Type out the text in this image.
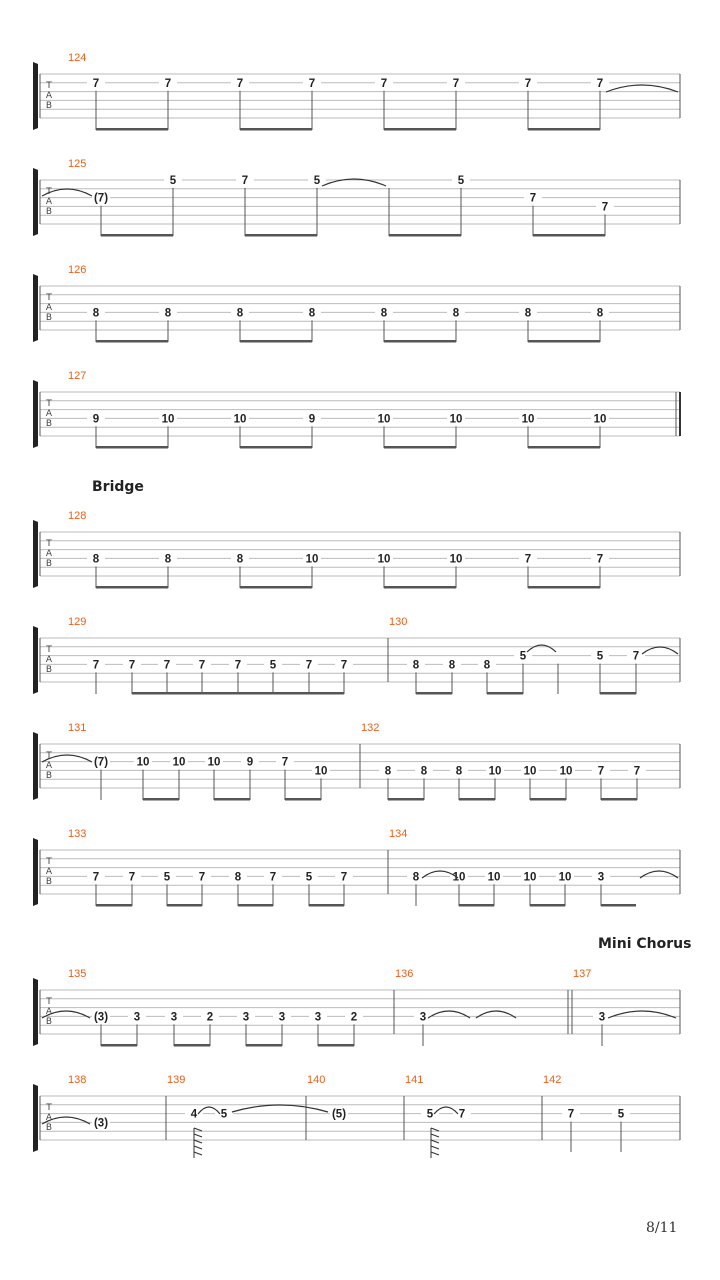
T
A
B
124
7	7	7	7	7	7	7	7
T
A
B
125
(7)
5	7	5	5
7
7
T
A
B
126
8	8	8	8	8	8	8	8
T
A
B
127
9	10	10	9	10	10	10	10
T
A
B
128
8	8	8	10	10	10	7	7
T
A
B
129
7	7 7 7	7 5	7 7
130
8	8 8
5	5	7
T
A
B
131
(7) 10 10 10 9 7
10
132
8	8 8 10 10 10 7	7
T
A
B
133
7	7 5 7	8 7	5 7
134
8	10 10 10 10 3
T
A
B
135
(3) 3	3	2	3	3	3	2
136
3
137
3
T
A
B
138
(3)
139
4 5
140
(5)
141
5 7
142
7	5
Bridge
Mini Chorus
8/11
